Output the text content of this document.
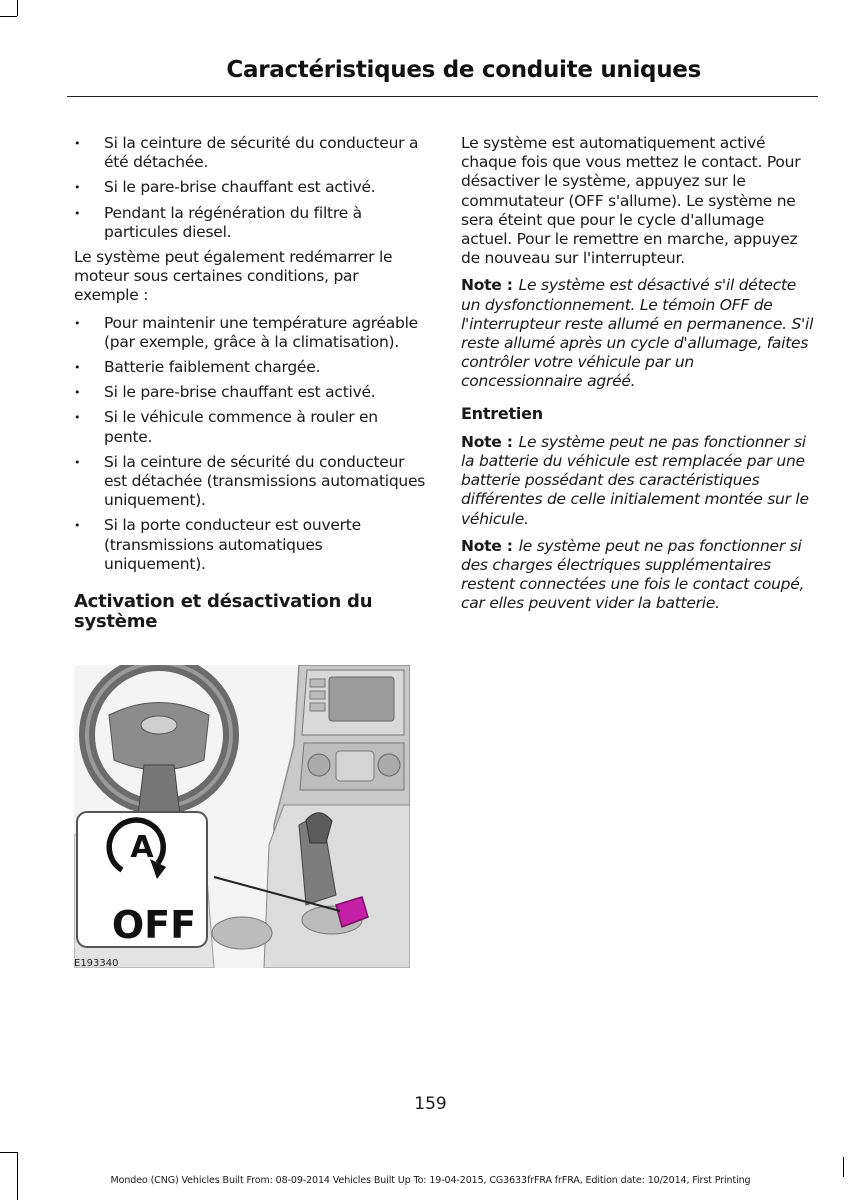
Caractéristiques de conduite uniques
• Si la ceinture de sécurité du conducteur a été détachée.
• Si le pare-brise chauffant est activé.
• Pendant la régénération du filtre à particules diesel.

Le système peut également redémarrer le moteur sous certaines conditions, par exemple :

• Pour maintenir une température agréable (par exemple, grâce à la climatisation).
• Batterie faiblement chargée.
• Si le pare-brise chauffant est activé.
• Si le véhicule commence à rouler en pente.
• Si la ceinture de sécurité du conducteur est détachée (transmissions automatiques uniquement).
• Si la porte conducteur est ouverte (transmissions automatiques uniquement).
Activation et désactivation du système
A
OFF
E193340

Le système est automatiquement activé chaque fois que vous mettez le contact. Pour désactiver le système, appuyez sur le commutateur (OFF s'allume). Le système ne sera éteint que pour le cycle d'allumage actuel. Pour le remettre en marche, appuyez de nouveau sur l'interrupteur.

Note : Le système est désactivé s'il détecte un dysfonctionnement. Le témoin OFF de l'interrupteur reste allumé en permanence. S'il reste allumé après un cycle d'allumage, faites contrôler votre véhicule par un concessionnaire agréé.

Entretien

Note : Le système peut ne pas fonctionner si la batterie du véhicule est remplacée par une batterie possédant des caractéristiques différentes de celle initialement montée sur le véhicule.

Note : le système peut ne pas fonctionner si des charges électriques supplémentaires restent connectées une fois le contact coupé, car elles peuvent vider la batterie.

159
Mondeo (CNG) Vehicles Built From: 08-09-2014 Vehicles Built Up To: 19-04-2015, CG3633frFRA frFRA, Edition date: 10/2014, First Printing
